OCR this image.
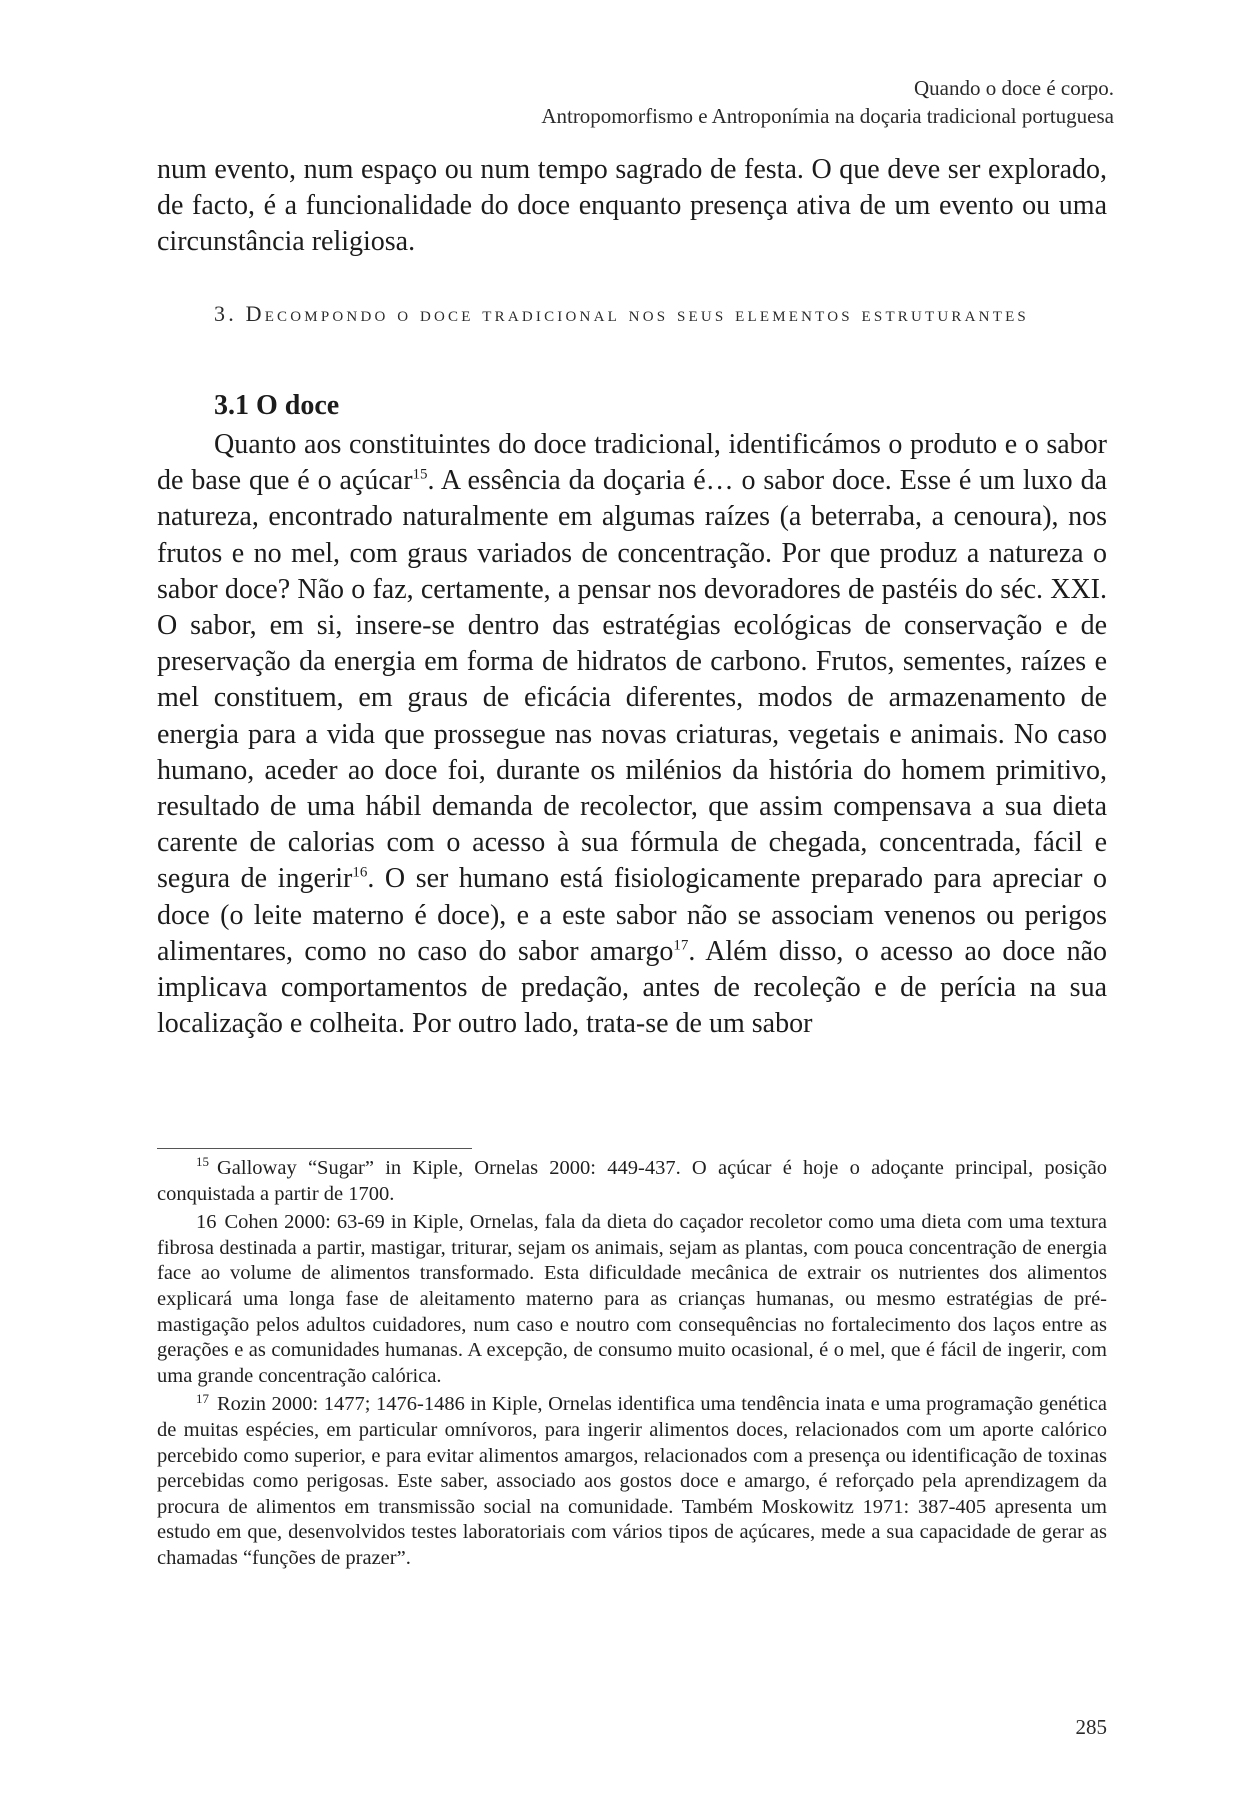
Quando o doce é corpo.
Antropomorfismo e Antroponímia na doçaria tradicional portuguesa
num evento, num espaço ou num tempo sagrado de festa. O que deve ser explorado, de facto, é a funcionalidade do doce enquanto presença ativa de um evento ou uma circunstância religiosa.
3. Decompondo o doce tradicional nos seus elementos estruturantes
3.1 O doce

Quanto aos constituintes do doce tradicional, identificámos o produto e o sabor de base que é o açúcar$^{15}$. A essência da doçaria é… o sabor doce. Esse é um luxo da natureza, encontrado naturalmente em algumas raízes (a beterraba, a cenoura), nos frutos e no mel, com graus variados de concentração. Por que produz a natureza o sabor doce? Não o faz, certamente, a pensar nos devoradores de pastéis do séc. XXI. O sabor, em si, insere-se dentro das estratégias ecológicas de conservação e de preservação da energia em forma de hidratos de carbono. Frutos, sementes, raízes e mel constituem, em graus de eficácia diferentes, modos de armazenamento de energia para a vida que prossegue nas novas criaturas, vegetais e animais. No caso humano, aceder ao doce foi, durante os milénios da história do homem primitivo, resultado de uma hábil demanda de recolector, que assim compensava a sua dieta carente de calorias com o acesso à sua fórmula de chegada, concentrada, fácil e segura de ingerir$^{16}$. O ser humano está fisiologicamente preparado para apreciar o doce (o leite materno é doce), e a este sabor não se associam venenos ou perigos alimentares, como no caso do sabor amargo$^{17}$. Além disso, o acesso ao doce não implicava comportamentos de predação, antes de recoleção e de perícia na sua localização e colheita. Por outro lado, trata-se de um sabor

$^{15}$ Galloway “Sugar” in Kiple, Ornelas 2000: 449-437. O açúcar é hoje o adoçante principal, posição conquistada a partir de 1700.

16 Cohen 2000: 63-69 in Kiple, Ornelas, fala da dieta do caçador recoletor como uma dieta com uma textura fibrosa destinada a partir, mastigar, triturar, sejam os animais, sejam as plantas, com pouca concentração de energia face ao volume de alimentos transformado. Esta dificuldade mecânica de extrair os nutrientes dos alimentos explicará uma longa fase de aleitamento materno para as crianças humanas, ou mesmo estratégias de pré-mastigação pelos adultos cuidadores, num caso e noutro com consequências no fortalecimento dos laços entre as gerações e as comunidades humanas. A excepção, de consumo muito ocasional, é o mel, que é fácil de ingerir, com uma grande concentração calórica.

$^{17}$ Rozin 2000: 1477; 1476-1486 in Kiple, Ornelas identifica uma tendência inata e uma programação genética de muitas espécies, em particular omnívoros, para ingerir alimentos doces, relacionados com um aporte calórico percebido como superior, e para evitar alimentos amargos, relacionados com a presença ou identificação de toxinas percebidas como perigosas. Este saber, associado aos gostos doce e amargo, é reforçado pela aprendizagem da procura de alimentos em transmissão social na comunidade. Também Moskowitz 1971: 387-405 apresenta um estudo em que, desenvolvidos testes laboratoriais com vários tipos de açúcares, mede a sua capacidade de gerar as chamadas “funções de prazer”.

285
